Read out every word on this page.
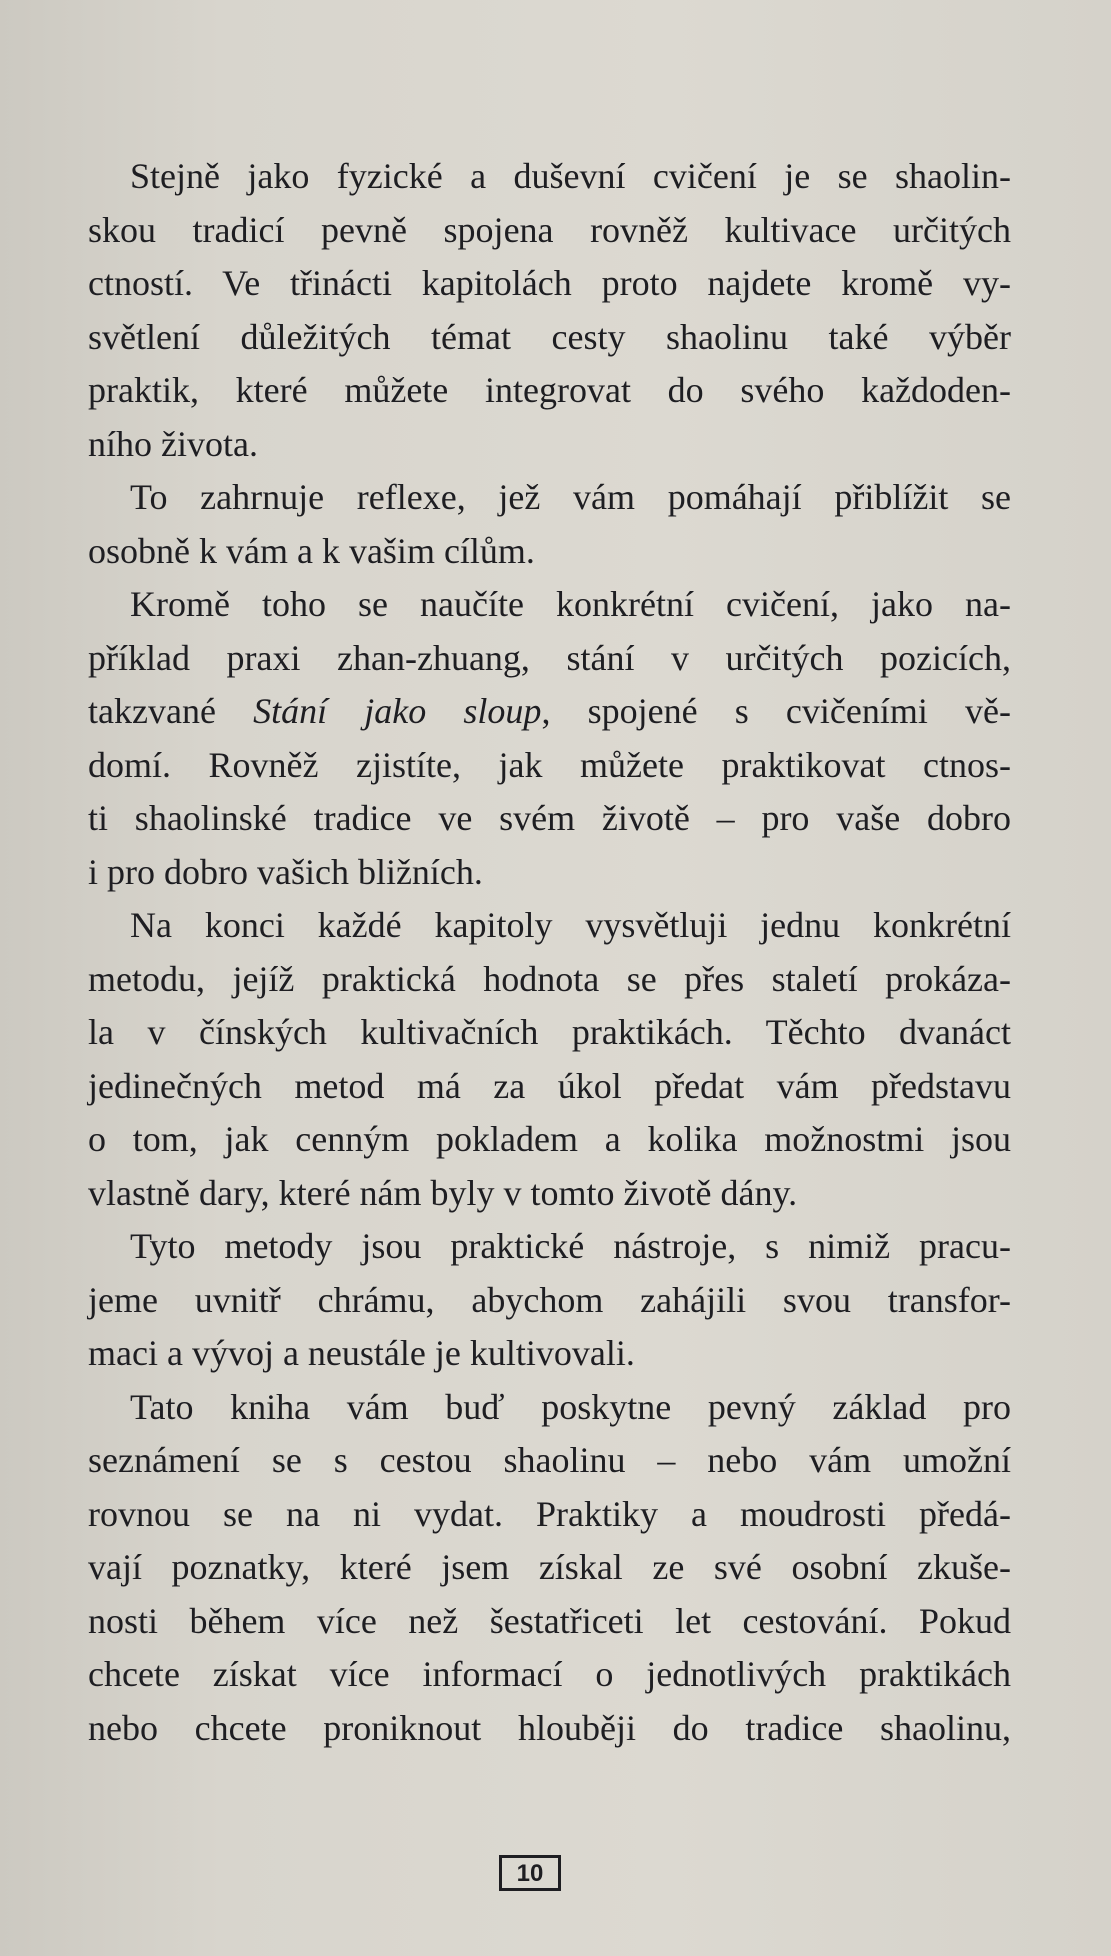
Stejně jako fyzické a duševní cvičení je se shaolin-
skou tradicí pevně spojena rovněž kultivace určitých
ctností. Ve třinácti kapitolách proto najdete kromě vy-
světlení důležitých témat cesty shaolinu také výběr
praktik, které můžete integrovat do svého každoden-
ního života.
To zahrnuje reflexe, jež vám pomáhají přiblížit se
osobně k vám a k vašim cílům.
Kromě toho se naučíte konkrétní cvičení, jako na-
příklad praxi zhan-zhuang, stání v určitých pozicích,
takzvané Stání jako sloup, spojené s cvičeními vě-
domí. Rovněž zjistíte, jak můžete praktikovat ctnos-
ti shaolinské tradice ve svém životě – pro vaše dobro
i pro dobro vašich bližních.
Na konci každé kapitoly vysvětluji jednu konkrétní
metodu, jejíž praktická hodnota se přes staletí prokáza-
la v čínských kultivačních praktikách. Těchto dvanáct
jedinečných metod má za úkol předat vám představu
o tom, jak cenným pokladem a kolika možnostmi jsou
vlastně dary, které nám byly v tomto životě dány.
Tyto metody jsou praktické nástroje, s nimiž pracu-
jeme uvnitř chrámu, abychom zahájili svou transfor-
maci a vývoj a neustále je kultivovali.
Tato kniha vám buď poskytne pevný základ pro
seznámení se s cestou shaolinu – nebo vám umožní
rovnou se na ni vydat. Praktiky a moudrosti předá-
vají poznatky, které jsem získal ze své osobní zkuše-
nosti během více než šestatřiceti let cestování. Pokud
chcete získat více informací o jednotlivých praktikách
nebo chcete proniknout hlouběji do tradice shaolinu,
10
